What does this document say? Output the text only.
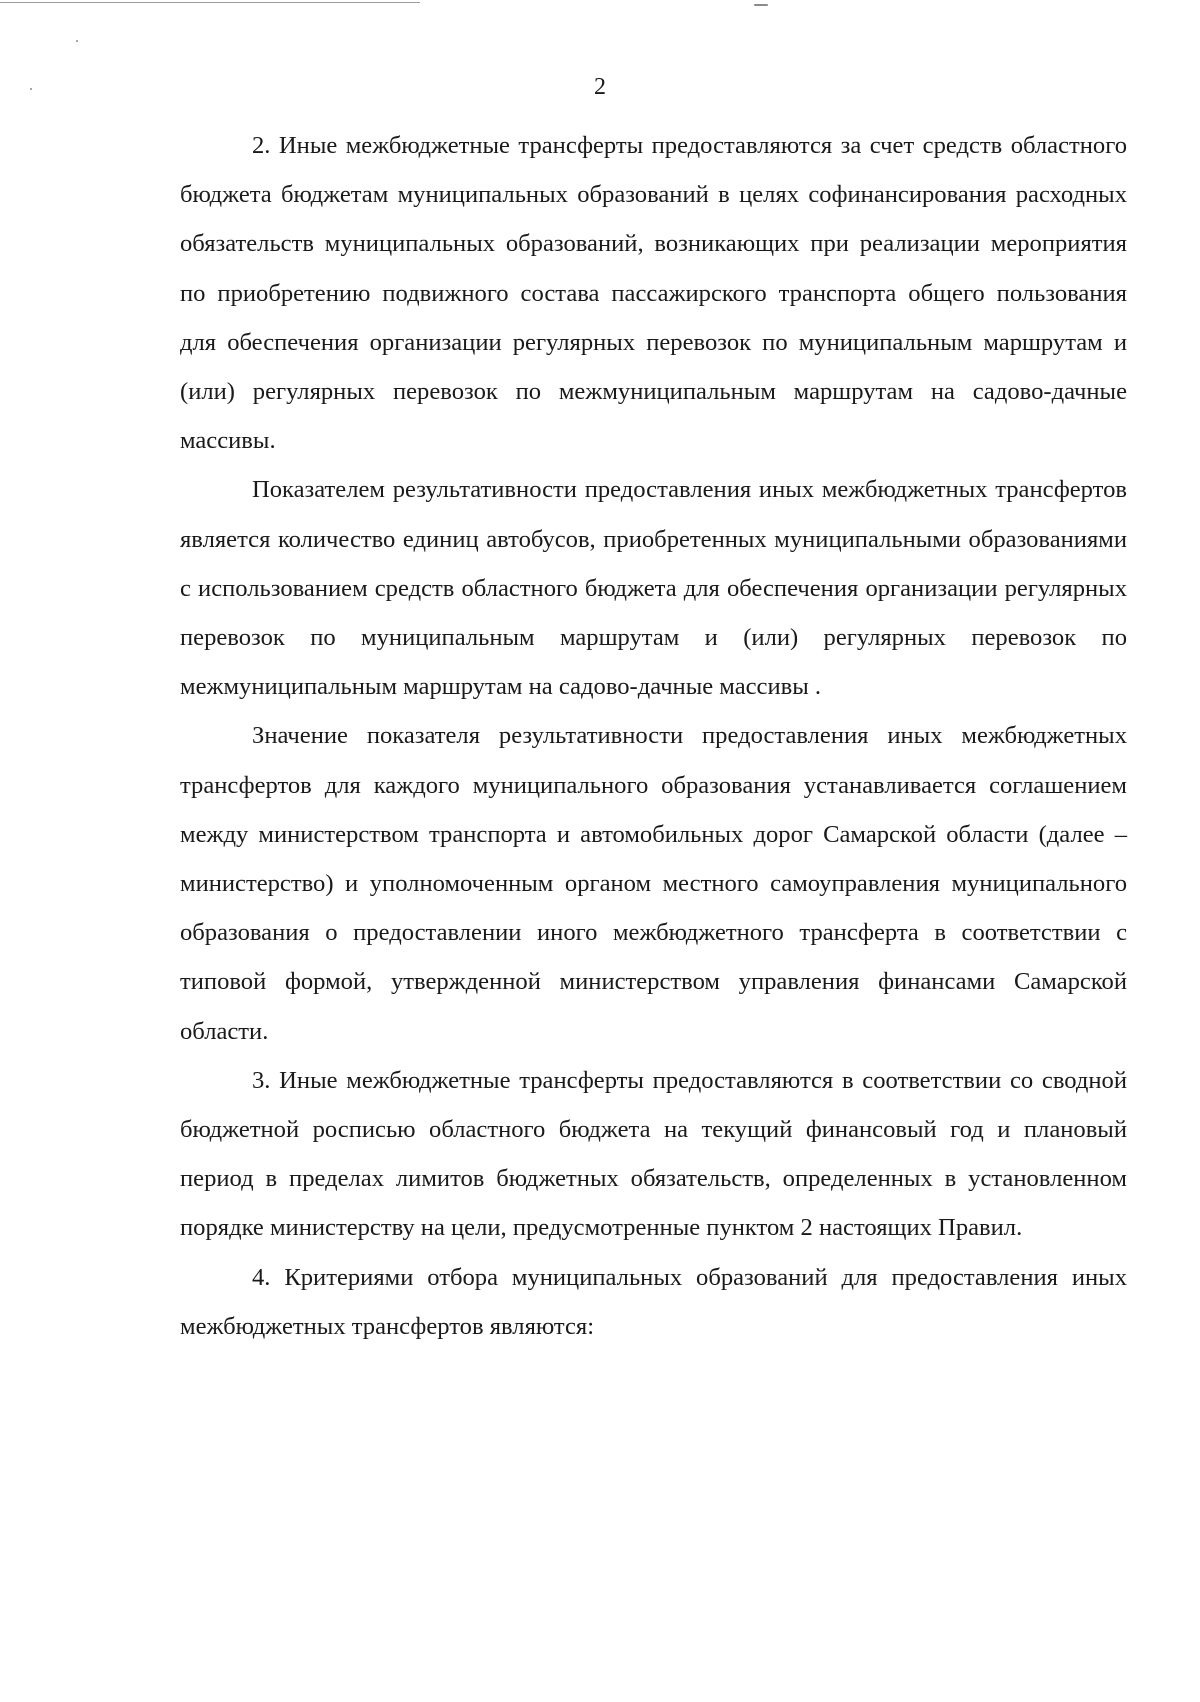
2

2. Иные межбюджетные трансферты предоставляются за счет средств областного бюджета бюджетам муниципальных образований в целях софинансирования расходных обязательств муниципальных образований, возникающих при реализации мероприятия по приобретению подвижного состава пассажирского транспорта общего пользования для обеспечения организации регулярных перевозок по муниципальным маршрутам и (или) регулярных перевозок по межмуниципальным маршрутам на садово-дачные массивы.

Показателем результативности предоставления иных межбюджетных трансфертов является количество единиц автобусов, приобретенных муниципальными образованиями с использованием средств областного бюджета для обеспечения организации регулярных перевозок по муниципальным маршрутам и (или) регулярных перевозок по межмуниципальным маршрутам на садово-дачные массивы .

Значение показателя результативности предоставления иных межбюджетных трансфертов для каждого муниципального образования устанавливается соглашением между министерством транспорта и автомобильных дорог Самарской области (далее – министерство) и уполномоченным органом местного самоуправления муниципального образования о предоставлении иного межбюджетного трансферта в соответствии с типовой формой, утвержденной министерством управления финансами Самарской области.

3. Иные межбюджетные трансферты предоставляются в соответствии со сводной бюджетной росписью областного бюджета на текущий финансовый год и плановый период в пределах лимитов бюджетных обязательств, определенных в установленном порядке министерству на цели, предусмотренные пунктом 2 настоящих Правил.

4. Критериями отбора муниципальных образований для предоставления иных межбюджетных трансфертов являются:
